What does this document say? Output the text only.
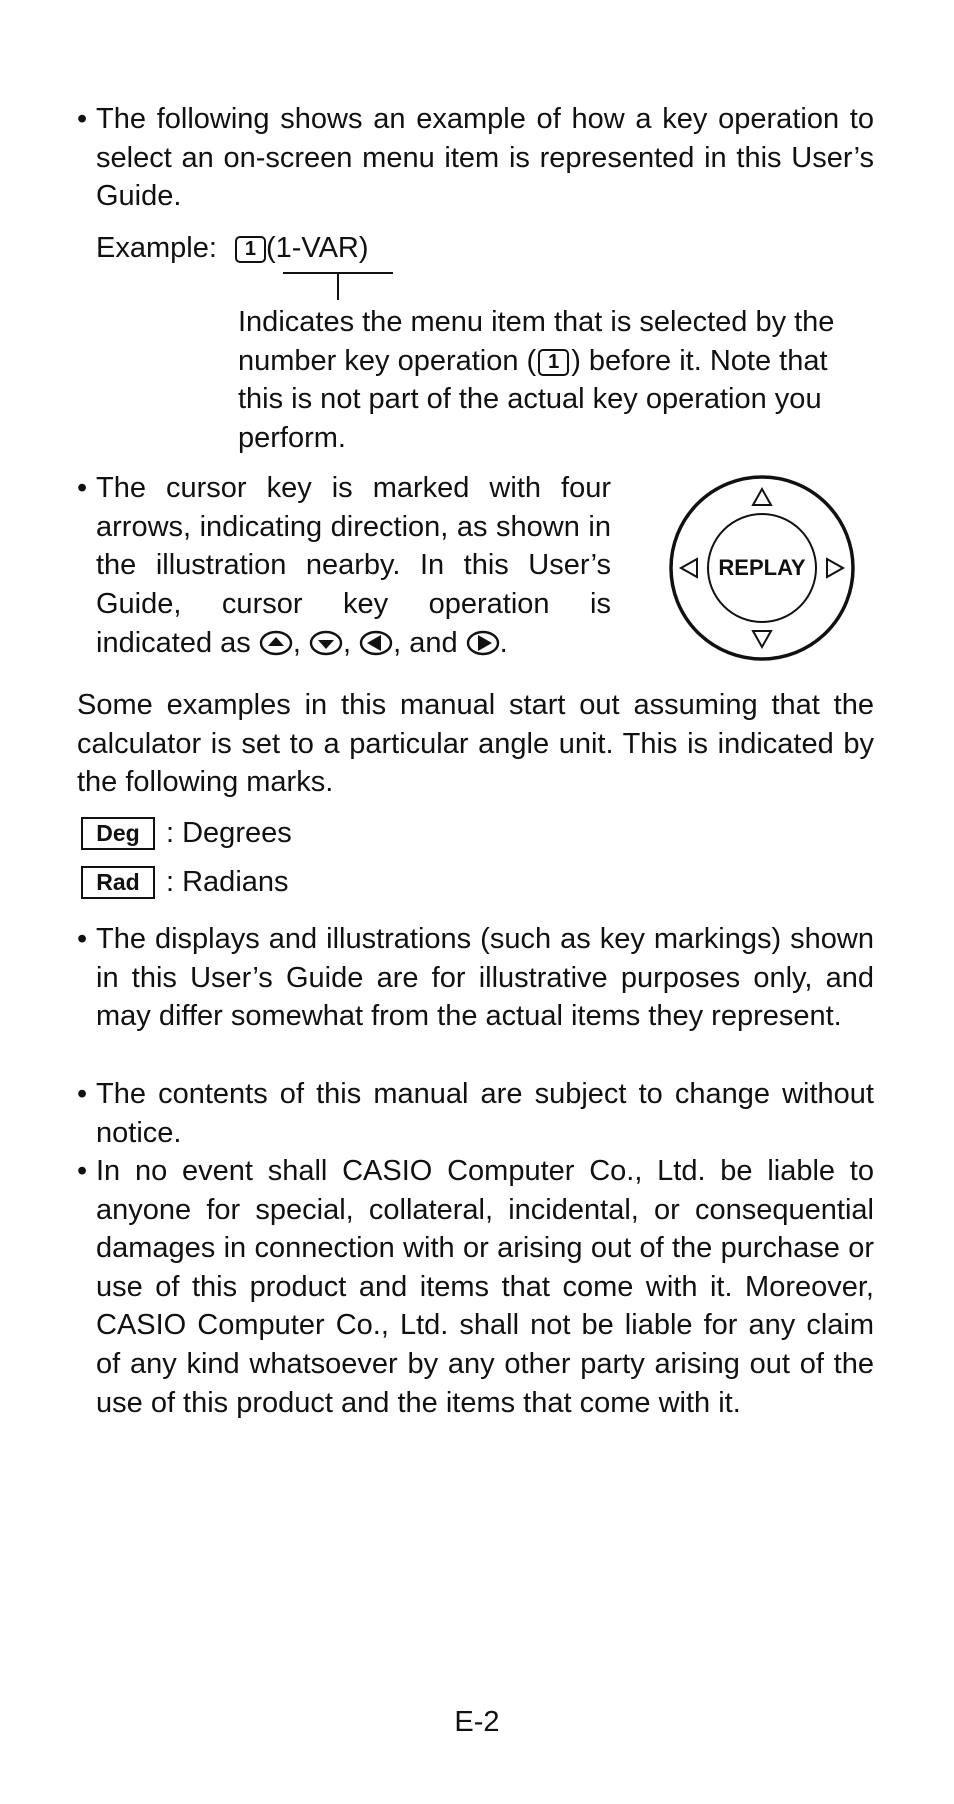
• The following shows an example of how a key operation to select an on-screen menu item is represented in this User’s Guide.
Example: 1 (1-VAR)
Indicates the menu item that is selected by the
number key operation ( 1 ) before it. Note that
this is not part of the actual key operation you perform.
• The cursor key is marked with four arrows, indicating direction, as shown in the illustration nearby. In this User’s Guide, cursor key operation is
indicated as , , , and .
REPLAY
Some examples in this manual start out assuming that the calculator is set to a particular angle unit. This is indicated by the following marks.
Deg : Degrees
Rad : Radians
• The displays and illustrations (such as key markings) shown in this User’s Guide are for illustrative purposes only, and may differ somewhat from the actual items they represent.
• The contents of this manual are subject to change without notice.
• In no event shall CASIO Computer Co., Ltd. be liable to anyone for special, collateral, incidental, or consequential damages in connection with or arising out of the purchase or use of this product and items that come with it. Moreover, CASIO Computer Co., Ltd. shall not be liable for any claim of any kind whatsoever by any other party arising out of the use of this product and the items that come with it.
E-2
